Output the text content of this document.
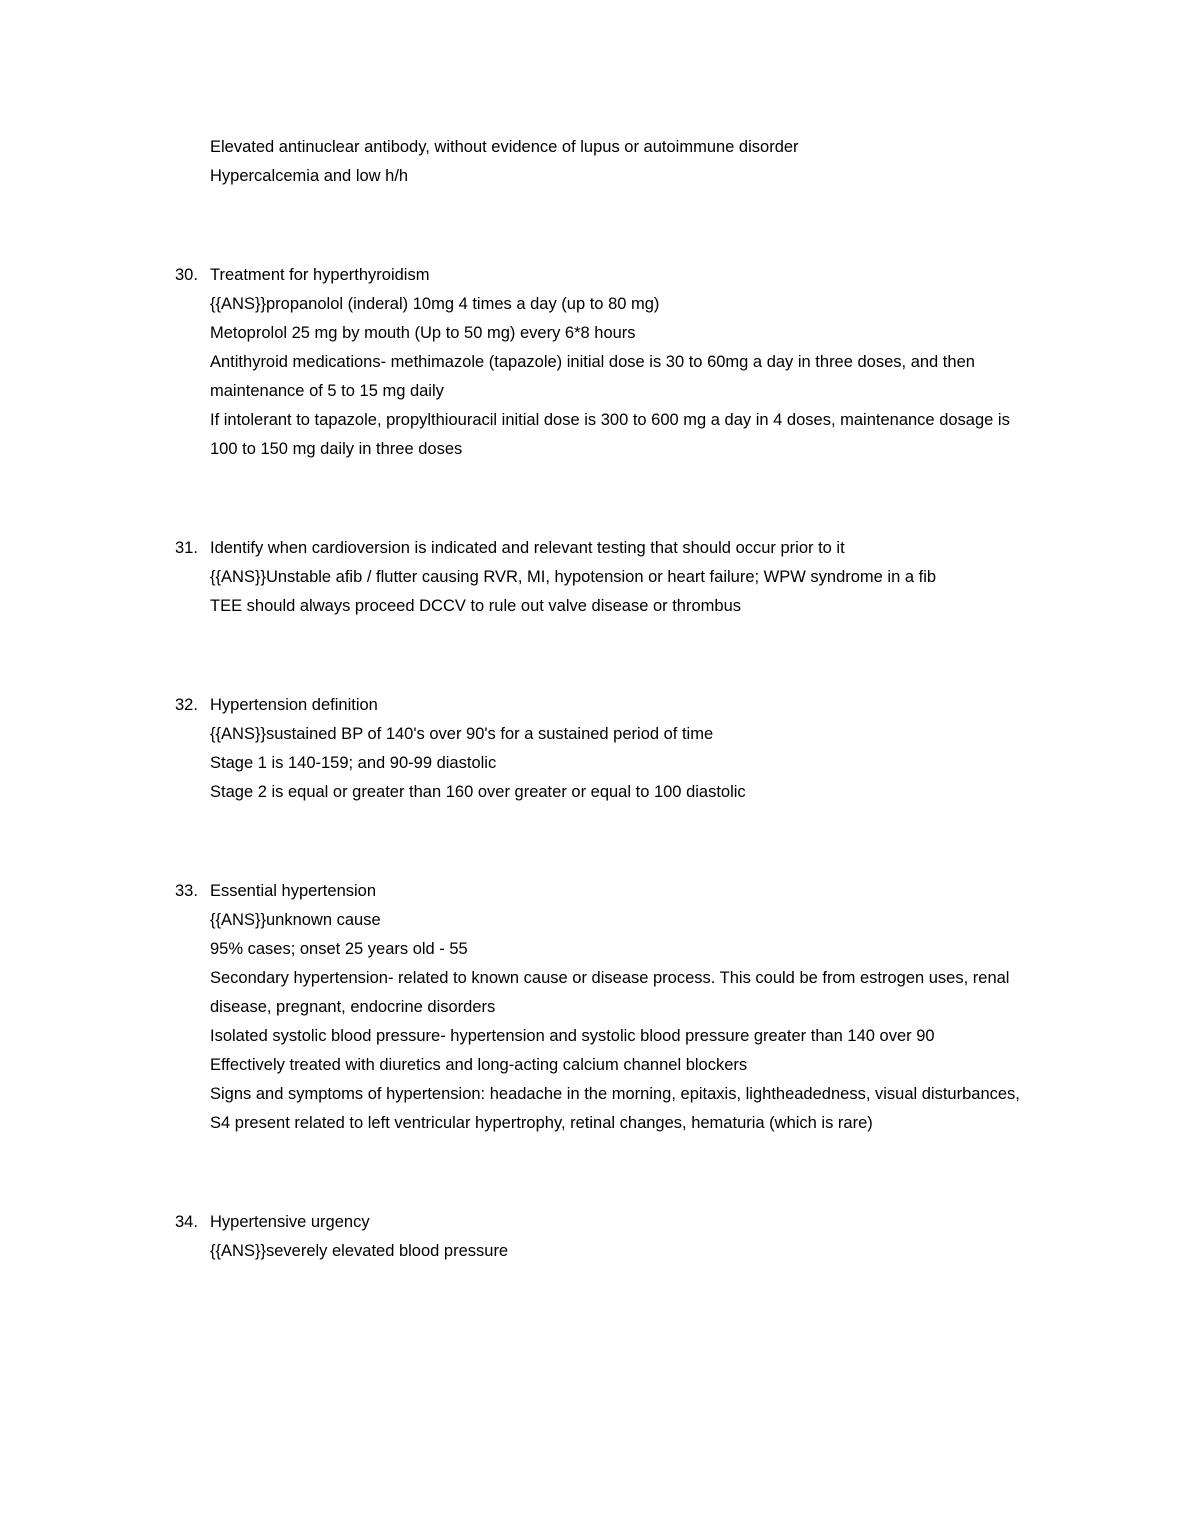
Elevated antinuclear antibody, without evidence of lupus or autoimmune disorder

Hypercalcemia and low h/h

30. Treatment for hyperthyroidism

{{ANS}}propanolol (inderal) 10mg 4 times a day (up to 80 mg)

Metoprolol 25 mg by mouth (Up to 50 mg) every 6*8 hours

Antithyroid medications- methimazole (tapazole) initial dose is 30 to 60mg a day in three doses, and then maintenance of 5 to 15 mg daily

If intolerant to tapazole, propylthiouracil initial dose is 300 to 600 mg a day in 4 doses, maintenance dosage is 100 to 150 mg daily in three doses

31. Identify when cardioversion is indicated and relevant testing that should occur prior to it

{{ANS}}Unstable afib / flutter causing RVR, MI, hypotension or heart failure; WPW syndrome in a fib

TEE should always proceed DCCV to rule out valve disease or thrombus

32. Hypertension definition

{{ANS}}sustained BP of 140's over 90's for a sustained period of time

Stage 1 is 140-159; and 90-99 diastolic

Stage 2 is equal or greater than 160 over greater or equal to 100 diastolic

33. Essential hypertension

{{ANS}}unknown cause

95% cases; onset 25 years old - 55

Secondary hypertension- related to known cause or disease process. This could be from estrogen uses, renal disease, pregnant, endocrine disorders

Isolated systolic blood pressure- hypertension and systolic blood pressure greater than 140 over 90

Effectively treated with diuretics and long-acting calcium channel blockers

Signs and symptoms of hypertension: headache in the morning, epitaxis, lightheadedness, visual disturbances, S4 present related to left ventricular hypertrophy, retinal changes, hematuria (which is rare)

34. Hypertensive urgency

{{ANS}}severely elevated blood pressure
